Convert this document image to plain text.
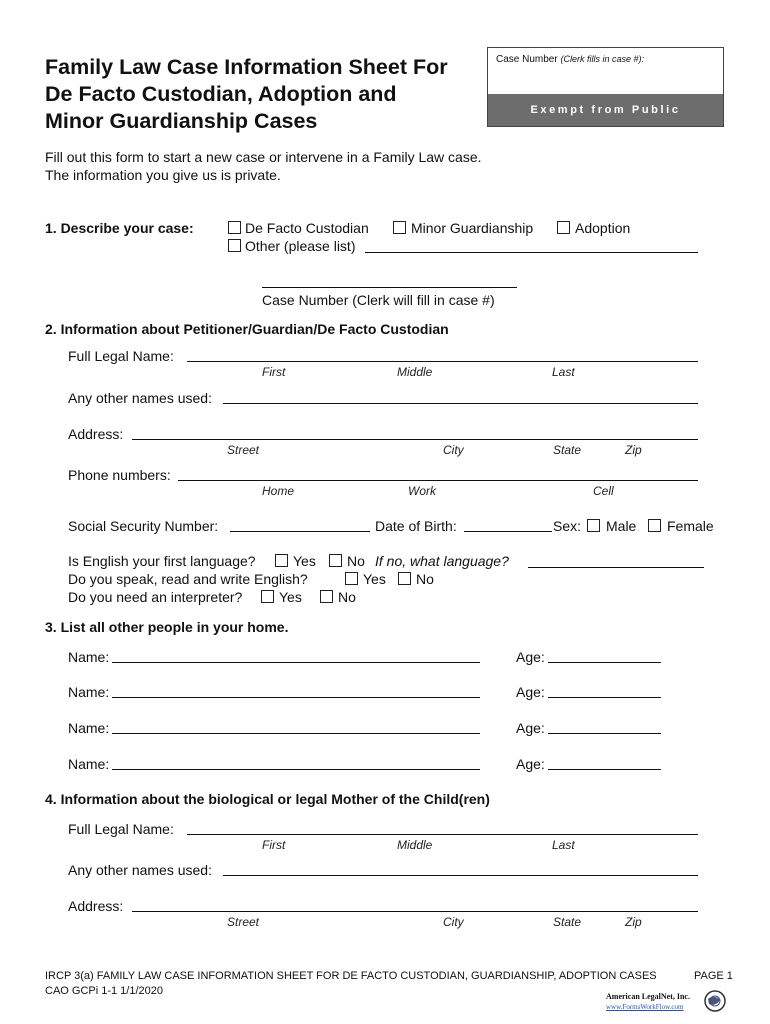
Family Law Case Information Sheet For
De Facto Custodian, Adoption and
Minor Guardianship Cases
Case Number (Clerk fills in case #):
Exempt from Public Disclosure
Fill out this form to start a new case or intervene in a Family Law case.
The information you give us is private.
1. Describe your case:	De Facto Custodian	Minor Guardianship	Adoption
Other (please list)
Case Number (Clerk will fill in case #)
2. Information about Petitioner/Guardian/De Facto Custodian
Full Legal Name:
First	Middle	Last
Any other names used:
Address:
Street	City	State	Zip
Phone numbers:
Home	Work	Cell
Social Security Number:	Date of Birth:	Sex: Male Female
Is English your first language?	Yes No If no, what language?
Do you speak, read and write English?	Yes No
Do you need an interpreter?	Yes	No
3. List all other people in your home.
Name:	Age:
Name:	Age:
Name:	Age:
Name:	Age:
4. Information about the biological or legal Mother of the Child(ren)
Full Legal Name:
First	Middle	Last
Any other names used:
Address:
Street	City	State	Zip
IRCP 3(a) FAMILY LAW CASE INFORMATION SHEET FOR DE FACTO CUSTODIAN, GUARDIANSHIP, ADOPTION CASES	PAGE 1
CAO GCPi 1-1 1/1/2020	American LegalNet, Inc.
www.FormsWorkFlow.com
